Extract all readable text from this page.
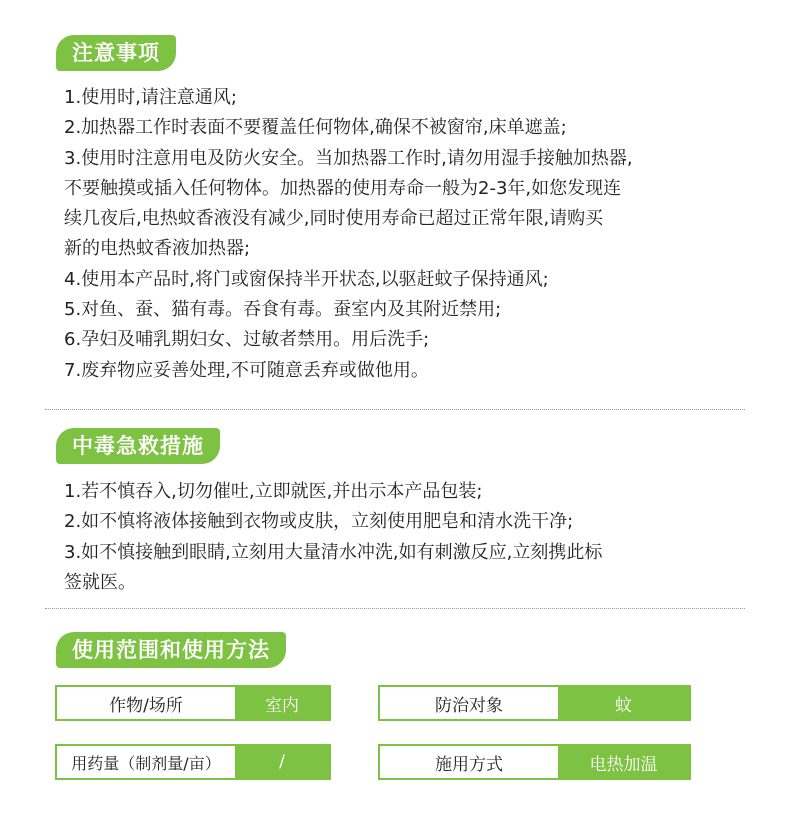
注意事项
1.使用时,请注意通风;
2.加热器工作时表面不要覆盖任何物体,确保不被窗帘,床单遮盖;
3.使用时注意用电及防火安全。当加热器工作时,请勿用湿手接触加热器,
不要触摸或插入任何物体。加热器的使用寿命一般为2-3年,如您发现连
续几夜后,电热蚊香液没有减少,同时使用寿命已超过正常年限,请购买
新的电热蚊香液加热器;
4.使用本产品时,将门或窗保持半开状态,以驱赶蚊子保持通风;
5.对鱼、蚕、猫有毒。吞食有毒。蚕室内及其附近禁用;
6.孕妇及哺乳期妇女、过敏者禁用。用后洗手;
7.废弃物应妥善处理,不可随意丢弃或做他用。
中毒急救措施
1.若不慎吞入,切勿催吐,立即就医,并出示本产品包装;
2.如不慎将液体接触到衣物或皮肤，立刻使用肥皂和清水洗干净;
3.如不慎接触到眼睛,立刻用大量清水冲洗,如有刺激反应,立刻携此标
签就医。
使用范围和使用方法
作物/场所	室内	防治对象	蚊
用药量（制剂量/亩）	/	施用方式	电热加温
